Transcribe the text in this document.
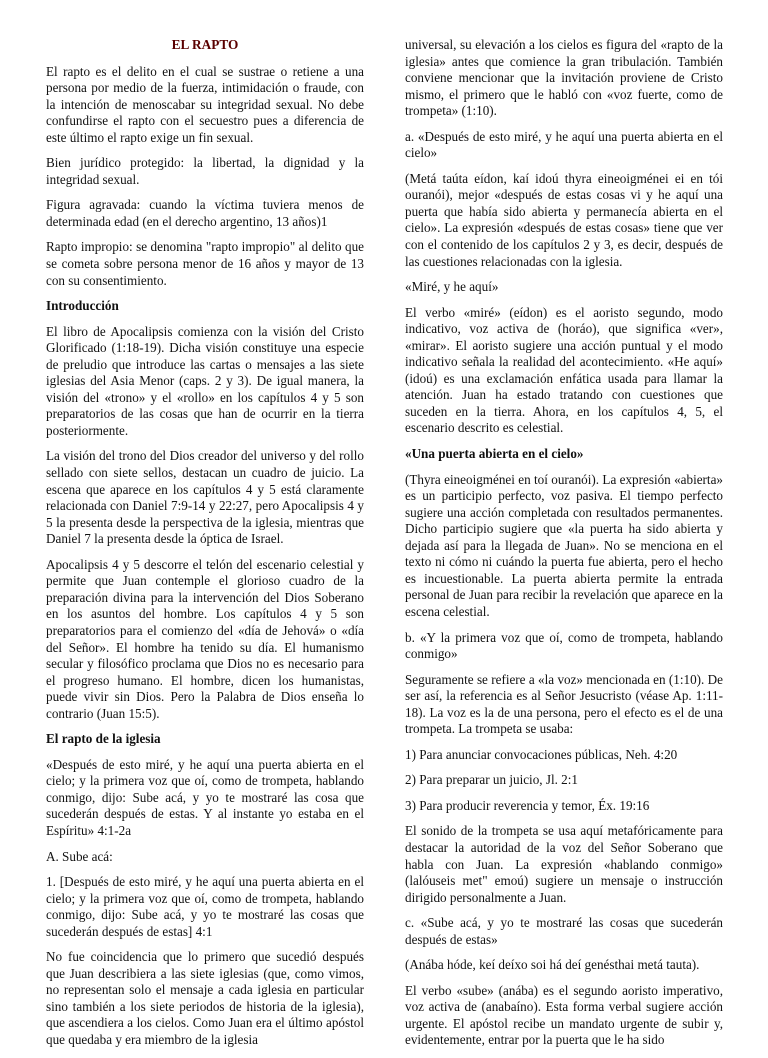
EL RAPTO

El rapto es el delito en el cual se sustrae o retiene a una persona por medio de la fuerza, intimidación o fraude, con la intención de menoscabar su integridad sexual. No debe confundirse el rapto con el secuestro pues a diferencia de este último el rapto exige un fin sexual.

Bien jurídico protegido: la libertad, la dignidad y la integridad sexual.

Figura agravada: cuando la víctima tuviera menos de determinada edad (en el derecho argentino, 13 años)1

Rapto impropio: se denomina "rapto impropio" al delito que se cometa sobre persona menor de 16 años y mayor de 13 con su consentimiento.

Introducción

El libro de Apocalipsis comienza con la visión del Cristo Glorificado (1:18-19). Dicha visión constituye una especie de preludio que introduce las cartas o mensajes a las siete iglesias del Asia Menor (caps. 2 y 3). De igual manera, la visión del «trono» y el «rollo» en los capítulos 4 y 5 son preparatorios de las cosas que han de ocurrir en la tierra posteriormente.

La visión del trono del Dios creador del universo y del rollo sellado con siete sellos, destacan un cuadro de juicio. La escena que aparece en los capítulos 4 y 5 está claramente relacionada con Daniel 7:9-14 y 22:27, pero Apocalipsis 4 y 5 la presenta desde la perspectiva de la iglesia, mientras que Daniel 7 la presenta desde la óptica de Israel.

Apocalipsis 4 y 5 descorre el telón del escenario celestial y permite que Juan contemple el glorioso cuadro de la preparación divina para la intervención del Dios Soberano en los asuntos del hombre. Los capítulos 4 y 5 son preparatorios para el comienzo del «día de Jehová» o «día del Señor». El hombre ha tenido su día. El humanismo secular y filosófico proclama que Dios no es necesario para el progreso humano. El hombre, dicen los humanistas, puede vivir sin Dios. Pero la Palabra de Dios enseña lo contrario (Juan 15:5).

El rapto de la iglesia

«Después de esto miré, y he aquí una puerta abierta en el cielo; y la primera voz que oí, como de trompeta, hablando conmigo, dijo: Sube acá, y yo te mostraré las cosa que sucederán después de estas. Y al instante yo estaba en el Espíritu» 4:1-2a

A. Sube acá:

1. [Después de esto miré, y he aquí una puerta abierta en el cielo; y la primera voz que oí, como de trompeta, hablando conmigo, dijo: Sube acá, y yo te mostraré las cosas que sucederán después de estas] 4:1

No fue coincidencia que lo primero que sucedió después que Juan describiera a las siete iglesias (que, como vimos, no representan solo el mensaje a cada iglesia en particular sino también a los siete periodos de historia de la iglesia), que ascendiera a los cielos. Como Juan era el último apóstol que quedaba y era miembro de la iglesia

universal, su elevación a los cielos es figura del «rapto de la iglesia» antes que comience la gran tribulación. También conviene mencionar que la invitación proviene de Cristo mismo, el primero que le habló con «voz fuerte, como de trompeta» (1:10).

a. «Después de esto miré, y he aquí una puerta abierta en el cielo»

(Metá taúta eídon, kaí idoú thyra eineoigménei ei en tói ouranói), mejor «después de estas cosas vi y he aquí una puerta que había sido abierta y permanecía abierta en el cielo». La expresión «después de estas cosas» tiene que ver con el contenido de los capítulos 2 y 3, es decir, después de las cuestiones relacionadas con la iglesia.

«Miré, y he aquí»

El verbo «miré» (eídon) es el aoristo segundo, modo indicativo, voz activa de (horáo), que significa «ver», «mirar». El aoristo sugiere una acción puntual y el modo indicativo señala la realidad del acontecimiento. «He aquí» (idoú) es una exclamación enfática usada para llamar la atención. Juan ha estado tratando con cuestiones que suceden en la tierra. Ahora, en los capítulos 4, 5, el escenario descrito es celestial.

«Una puerta abierta en el cielo»

(Thyra eineoigménei en toí ouranói). La expresión «abierta» es un participio perfecto, voz pasiva. El tiempo perfecto sugiere una acción completada con resultados permanentes. Dicho participio sugiere que «la puerta ha sido abierta y dejada así para la llegada de Juan». No se menciona en el texto ni cómo ni cuándo la puerta fue abierta, pero el hecho es incuestionable. La puerta abierta permite la entrada personal de Juan para recibir la revelación que aparece en la escena celestial.

b. «Y la primera voz que oí, como de trompeta, hablando conmigo»

Seguramente se refiere a «la voz» mencionada en (1:10). De ser así, la referencia es al Señor Jesucristo (véase Ap. 1:11-18). La voz es la de una persona, pero el efecto es el de una trompeta. La trompeta se usaba:

1) Para anunciar convocaciones públicas, Neh. 4:20

2) Para preparar un juicio, Jl. 2:1

3) Para producir reverencia y temor, Éx. 19:16

El sonido de la trompeta se usa aquí metafóricamente para destacar la autoridad de la voz del Señor Soberano que habla con Juan. La expresión «hablando conmigo» (lalóuseis met" emoú) sugiere un mensaje o instrucción dirigido personalmente a Juan.

c. «Sube acá, y yo te mostraré las cosas que sucederán después de estas»

(Anába hóde, keí deíxo soi há deí genésthai metá tauta).

El verbo «sube» (anába) es el segundo aoristo imperativo, voz activa de (anabaíno). Esta forma verbal sugiere acción urgente. El apóstol recibe un mandato urgente de subir y, evidentemente, entrar por la puerta que le ha sido
